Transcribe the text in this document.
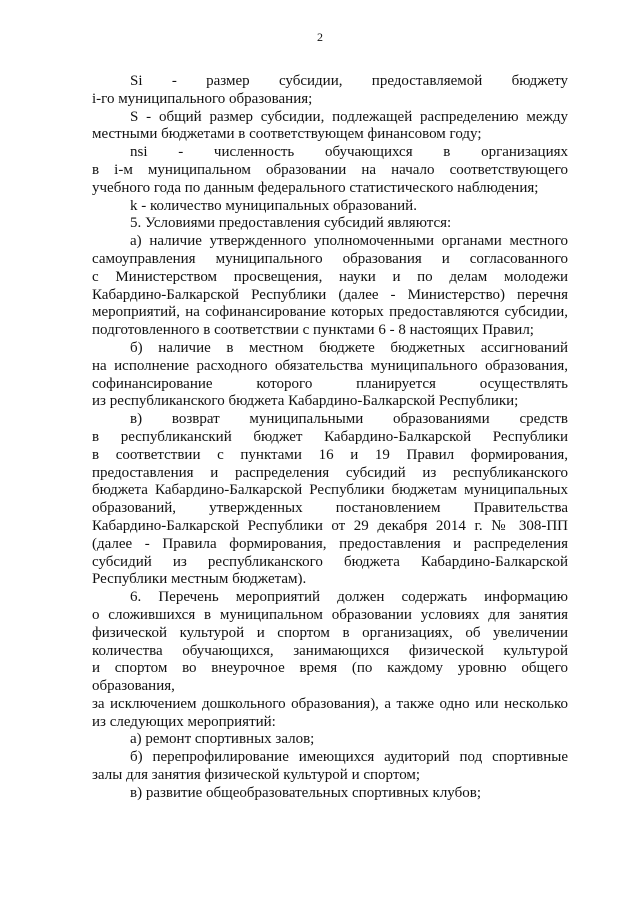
2
Si - размер субсидии, предоставляемой бюджету
i-го муниципального образования;
S - общий размер субсидии, подлежащей распределению между
местными бюджетами в соответствующем финансовом году;
nsi - численность обучающихся в организациях
в i-м муниципальном образовании на начало соответствующего
учебного года по данным федерального статистического наблюдения;
k - количество муниципальных образований.
5. Условиями предоставления субсидий являются:
а) наличие утвержденного уполномоченными органами местного
самоуправления муниципального образования и согласованного
с Министерством просвещения, науки и по делам молодежи
Кабардино-Балкарской Республики (далее - Министерство) перечня
мероприятий, на софинансирование которых предоставляются субсидии,
подготовленного в соответствии с пунктами 6 - 8 настоящих Правил;
б) наличие в местном бюджете бюджетных ассигнований
на исполнение расходного обязательства муниципального образования,
софинансирование которого планируется осуществлять
из республиканского бюджета Кабардино-Балкарской Республики;
в) возврат муниципальными образованиями средств
в республиканский бюджет Кабардино-Балкарской Республики
в соответствии с пунктами 16 и 19 Правил формирования,
предоставления и распределения субсидий из республиканского
бюджета Кабардино-Балкарской Республики бюджетам муниципальных
образований, утвержденных постановлением Правительства
Кабардино-Балкарской Республики от 29 декабря 2014 г. № 308-ПП
(далее - Правила формирования, предоставления и распределения
субсидий из республиканского бюджета Кабардино-Балкарской
Республики местным бюджетам).
6. Перечень мероприятий должен содержать информацию
о сложившихся в муниципальном образовании условиях для занятия
физической культурой и спортом в организациях, об увеличении
количества обучающихся, занимающихся физической культурой
и спортом во внеурочное время (по каждому уровню общего
образования,
за исключением дошкольного образования), а также одно или несколько
из следующих мероприятий:
а) ремонт спортивных залов;
б) перепрофилирование имеющихся аудиторий под спортивные
залы для занятия физической культурой и спортом;
в) развитие общеобразовательных спортивных клубов;
